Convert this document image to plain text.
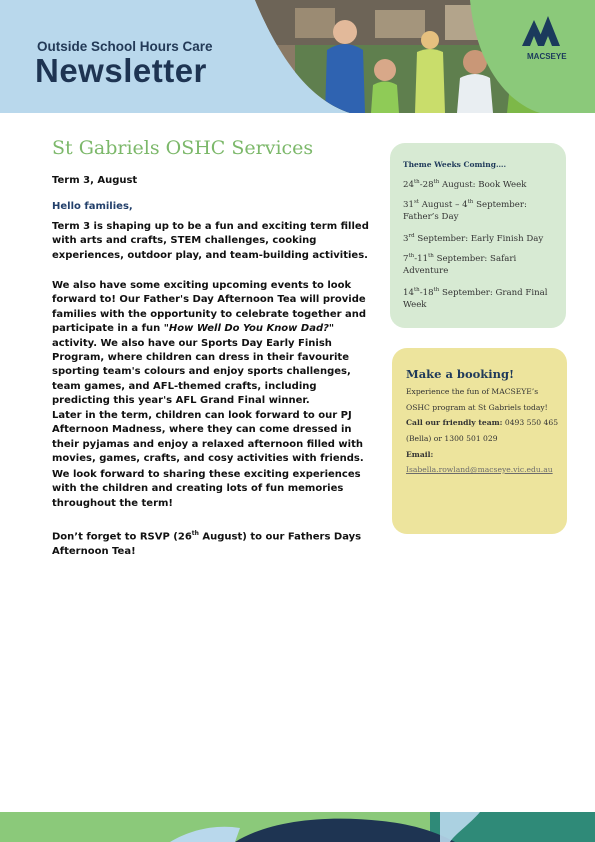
MACSEYE
Outside School Hours Care
Newsletter
St Gabriels OSHC Services
Term 3, August
Hello families,

Term 3 is shaping up to be a fun and exciting term filled with arts and crafts, STEM challenges, cooking experiences, outdoor play, and team-building activities.

We also have some exciting upcoming events to look forward to! Our Father's Day Afternoon Tea will provide families with the opportunity to celebrate together and participate in a fun "How Well Do You Know Dad?" activity. We also have our Sports Day Early Finish Program, where children can dress in their favourite sporting team's colours and enjoy sports challenges, team games, and AFL-themed crafts, including predicting this year's AFL Grand Final winner.

Later in the term, children can look forward to our PJ Afternoon Madness, where they can come dressed in their pyjamas and enjoy a relaxed afternoon filled with movies, games, crafts, and cosy activities with friends.

We look forward to sharing these exciting experiences with the children and creating lots of fun memories throughout the term!

Don’t forget to RSVP (26th August) to our Fathers Days Afternoon Tea!

Theme Weeks Coming….
24th-28th August: Book Week
31st August – 4th September: Father’s Day
3rd September: Early Finish Day
7th-11th September: Safari Adventure
14th-18th September: Grand Final Week
Make a booking!
Experience the fun of MACSEYE’s OSHC program at St Gabriels today!
Call our friendly team: 0493 550 465
(Bella) or 1300 501 029
Email:
Isabella.rowland@macseye.vic.edu.au
